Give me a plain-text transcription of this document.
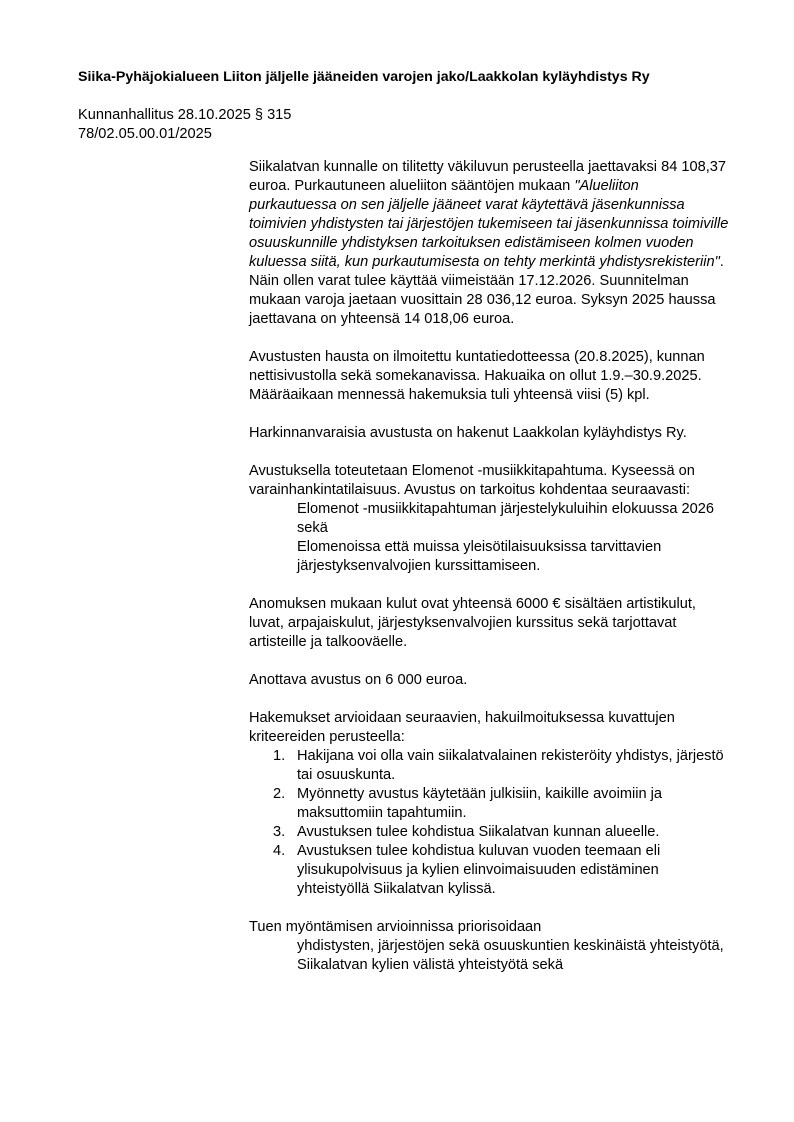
Siika-Pyhäjokialueen Liiton jäljelle jääneiden varojen jako/Laakkolan kyläyhdistys Ry
Kunnanhallitus 28.10.2025 § 315
78/02.05.00.01/2025

Siikalatvan kunnalle on tilitetty väkiluvun perusteella jaettavaksi 84 108,37 euroa. Purkautuneen alueliiton sääntöjen mukaan "Alueliiton purkautuessa on sen jäljelle jääneet varat käytettävä jäsenkunnissa toimivien yhdistysten tai järjestöjen tukemiseen tai jäsenkunnissa toimiville osuuskunnille yhdistyksen tarkoituksen edistämiseen kolmen vuoden kuluessa siitä, kun purkautumisesta on tehty merkintä yhdistysrekisteriin". Näin ollen varat tulee käyttää viimeistään 17.12.2026. Suunnitelman mukaan varoja jaetaan vuosittain 28 036,12 euroa. Syksyn 2025 haussa jaettavana on yhteensä 14 018,06 euroa.

Avustusten hausta on ilmoitettu kuntatiedotteessa (20.8.2025), kunnan nettisivustolla sekä somekanavissa. Hakuaika on ollut 1.9.–30.9.2025. Määräaikaan mennessä hakemuksia tuli yhteensä viisi (5) kpl.

Harkinnanvaraisia avustusta on hakenut Laakkolan kyläyhdistys Ry.

Avustuksella toteutetaan Elomenot -musiikkitapahtuma. Kyseessä on varainhankintatilaisuus. Avustus on tarkoitus kohdentaa seuraavasti:

Elomenot -musiikkitapahtuman järjestelykuluihin elokuussa 2026 sekä
Elomenoissa että muissa yleisötilaisuuksissa tarvittavien järjestyksenvalvojien kurssittamiseen.

Anomuksen mukaan kulut ovat yhteensä 6000 € sisältäen artistikulut, luvat, arpajaiskulut, järjestyksenvalvojien kurssitus sekä tarjottavat artisteille ja talkooväelle.

Anottava avustus on 6 000 euroa.

Hakemukset arvioidaan seuraavien, hakuilmoituksessa kuvattujen kriteereiden perusteella:

1. Hakijana voi olla vain siikalatvalainen rekisteröity yhdistys, järjestö tai osuuskunta.
2. Myönnetty avustus käytetään julkisiin, kaikille avoimiin ja maksuttomiin tapahtumiin.
3. Avustuksen tulee kohdistua Siikalatvan kunnan alueelle.
4. Avustuksen tulee kohdistua kuluvan vuoden teemaan eli ylisukupolvisuus ja kylien elinvoimaisuuden edistäminen yhteistyöllä Siikalatvan kylissä.

Tuen myöntämisen arvioinnissa priorisoidaan

yhdistysten, järjestöjen sekä osuuskuntien keskinäistä yhteistyötä,
Siikalatvan kylien välistä yhteistyötä sekä
